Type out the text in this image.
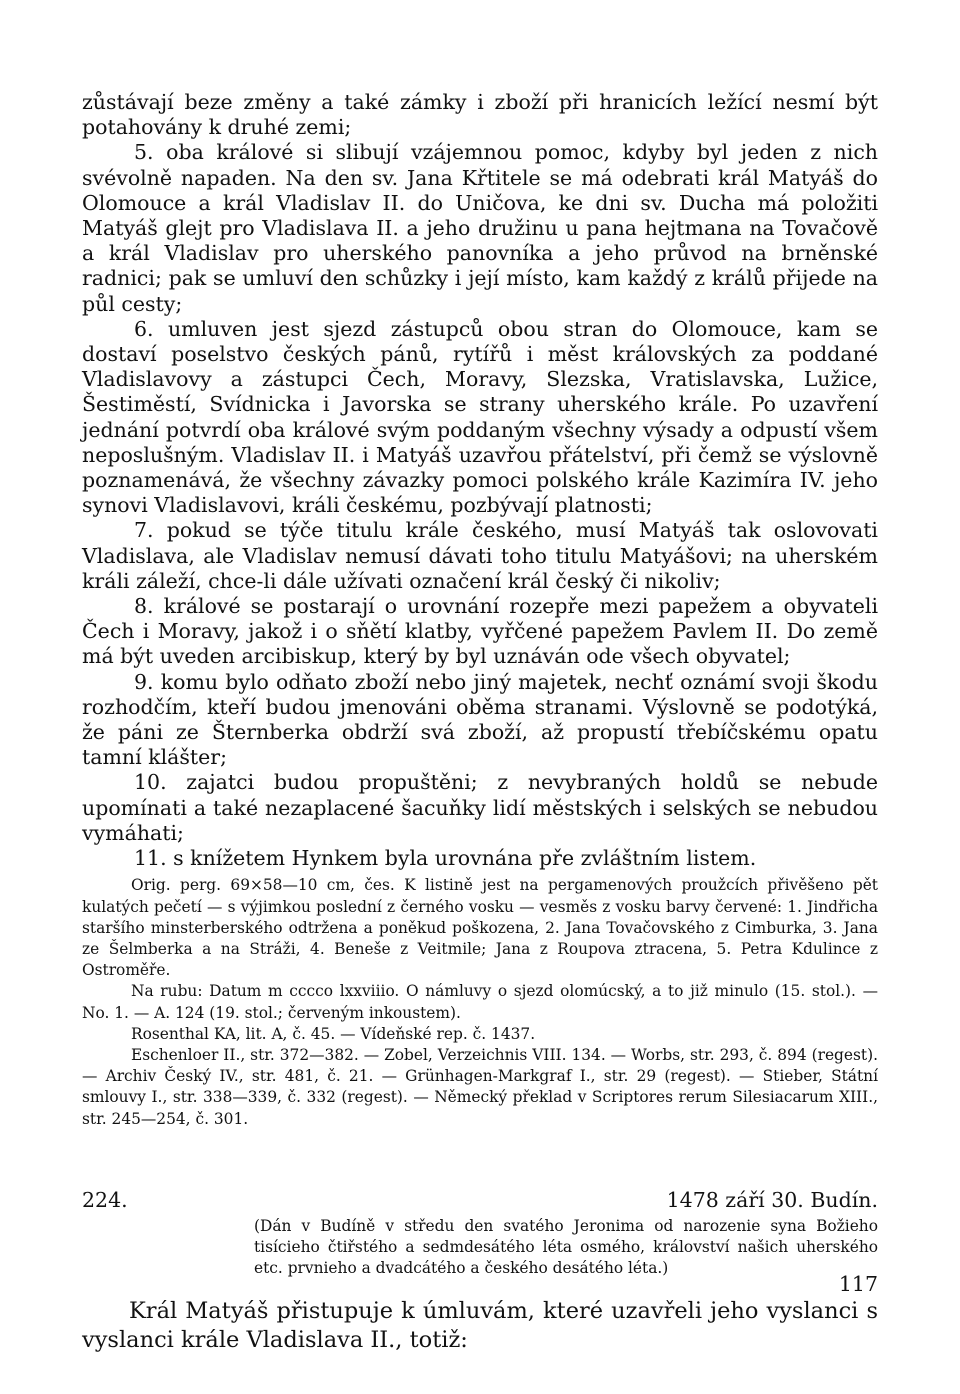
zůstávají beze změny a také zámky i zboží při hranicích ležící nesmí být potahovány k druhé zemi;

5. oba králové si slibují vzájemnou pomoc, kdyby byl jeden z nich svévolně napaden. Na den sv. Jana Křtitele se má odebrati král Matyáš do Olomouce a král Vladislav II. do Uničova, ke dni sv. Ducha má položiti Matyáš glejt pro Vladislava II. a jeho družinu u pana hejtmana na Tovačově a král Vladislav pro uherského panovníka a jeho průvod na brněnské radnici; pak se umluví den schůzky i její místo, kam každý z králů přijede na půl cesty;

6. umluven jest sjezd zástupců obou stran do Olomouce, kam se dostaví poselstvo českých pánů, rytířů i měst královských za poddané Vladislavovy a zástupci Čech, Moravy, Slezska, Vratislavska, Lužice, Šestiměstí, Svídnicka i Javorska se strany uherského krále. Po uzavření jednání potvrdí oba králové svým poddaným všechny výsady a odpustí všem neposlušným. Vladislav II. i Matyáš uzavřou přátelství, při čemž se výslovně poznamenává, že všechny závazky pomoci polského krále Kazimíra IV. jeho synovi Vladislavovi, králi českému, pozbývají platnosti;

7. pokud se týče titulu krále českého, musí Matyáš tak oslovovati Vladislava, ale Vladislav nemusí dávati toho titulu Matyášovi; na uherském králi záleží, chce-li dále užívati označení král český či nikoliv;

8. králové se postarají o urovnání rozepře mezi papežem a obyvateli Čech i Moravy, jakož i o sňětí klatby, vyřčené papežem Pavlem II. Do země má být uveden arcibiskup, který by byl uznáván ode všech obyvatel;

9. komu bylo odňato zboží nebo jiný majetek, nechť oznámí svoji škodu rozhodčím, kteří budou jmenováni oběma stranami. Výslovně se podotýká, že páni ze Šternberka obdrží svá zboží, až propustí třebíčskému opatu tamní klášter;

10. zajatci budou propuštěni; z nevybraných holdů se nebude upomínati a také nezaplacené šacuňky lidí městských i selských se nebudou vymáhati;

11. s knížetem Hynkem byla urovnána pře zvláštním listem.

Orig. perg. 69×58—10 cm, čes. K listině jest na pergamenových proužcích přivěšeno pět kulatých pečetí — s výjimkou poslední z černého vosku — vesměs z vosku barvy červené: 1. Jindřicha staršího minsterberského odtržena a poněkud poškozena, 2. Jana Tovačovského z Cimburka, 3. Jana ze Šelmberka a na Stráži, 4. Beneše z Veitmile; Jana z Roupova ztracena, 5. Petra Kdulince z Ostroměře.

Na rubu: Datum m cccco lxxviiio. O námluvy o sjezd olomúcský, a to již minulo (15. stol.). — No. 1. — A. 124 (19. stol.; červeným inkoustem).

Rosenthal KA, lit. A, č. 45. — Vídeňské rep. č. 1437.

Eschenloer II., str. 372—382. — Zobel, Verzeichnis VIII. 134. — Worbs, str. 293, č. 894 (regest). — Archiv Český IV., str. 481, č. 21. — Grünhagen-Markgraf I., str. 29 (regest). — Stieber, Státní smlouvy I., str. 338—339, č. 332 (regest). — Německý překlad v Scriptores rerum Silesiacarum XIII., str. 245—254, č. 301.

224.	1478 září 30. Budín.
(Dán v Budíně v středu den svatého Jeronima od narozenie syna Božieho tisícieho čtiřstého a sedmdesátého léta osmého, království našich uherského etc. prvnieho a dvadcátého a českého desátého léta.)
Král Matyáš přistupuje k úmluvám, které uzavřeli jeho vyslanci s vyslanci krále Vladislava II., totiž:
117
